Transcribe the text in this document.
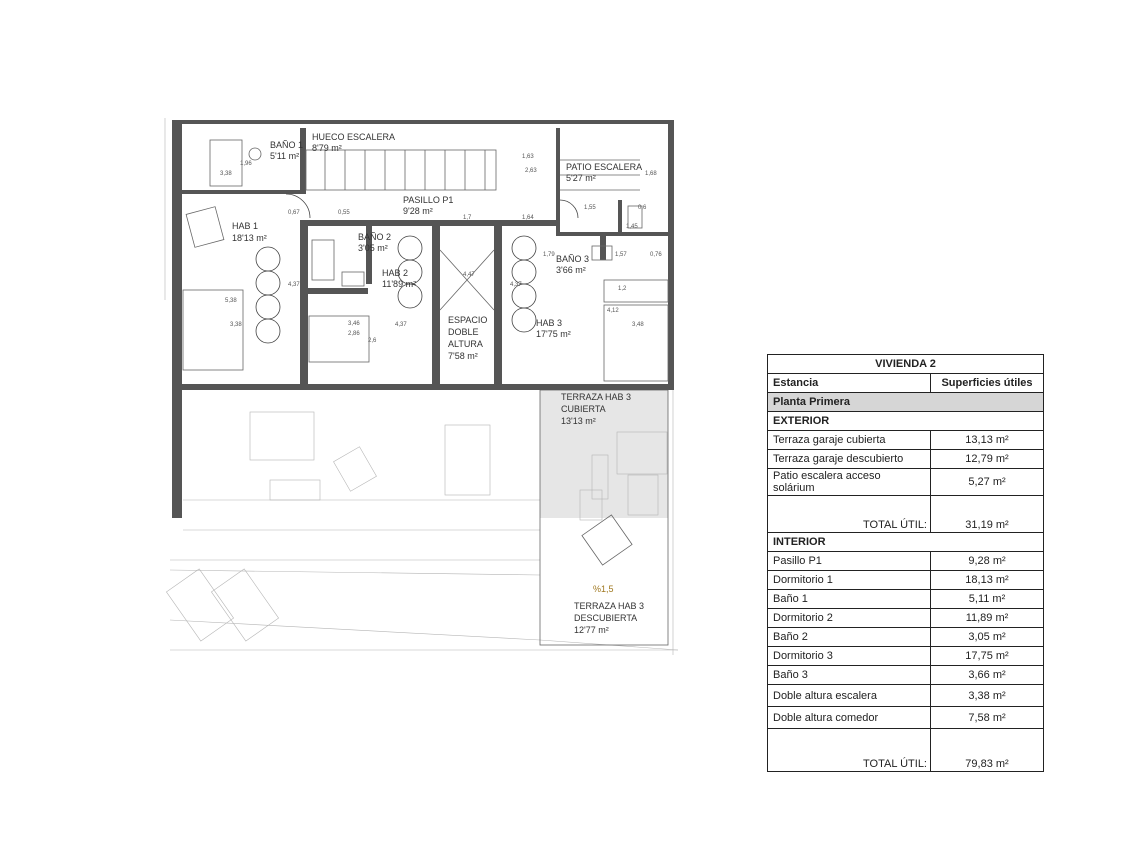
BAÑO 1
5'11 m²
HUECO ESCALERA
8'79 m²
PATIO ESCALERA
5'27 m²
PASILLO P1
9'28 m²
HAB 1
18'13 m²	BAÑO 2
3'05 m²
HAB 2
11'89 m²
BAÑO 3
3'66 m²
ESPACIO
DOBLE
ALTURA
7'58 m²
HAB 3
17'75 m²
TERRAZA HAB 3
CUBIERTA
13'13 m²
TERRAZA HAB 3
DESCUBIERTA
12'77 m²
%1,5
3,38
1,96
0,67
3,38
5,38
4,37
3,46
2,86
2,6
1,7
4,47
4,37
1,64
1,63
2,63	1,68
1,55	0,6
1,45
1,79	1,57	0,76
4,12
3,48
1,2
0,55
4,37
VIVIENDA 2	
Estancia	Superficies útiles
Planta Primera	
EXTERIOR	
Terraza garaje cubierta	13,13 m²
Terraza garaje descubierto	12,79 m²
Patio escalera acceso solárium	5,27 m²
TOTAL ÚTIL:	31,19 m²
INTERIOR	
Pasillo P1	9,28 m²
Dormitorio 1	18,13 m²
Baño 1	5,11 m²
Dormitorio 2	11,89 m²
Baño 2	3,05 m²
Dormitorio 3	17,75 m²
Baño 3	3,66 m²
Doble altura escalera	3,38 m²
Doble altura comedor	7,58 m²
TOTAL ÚTIL:	79,83 m²
